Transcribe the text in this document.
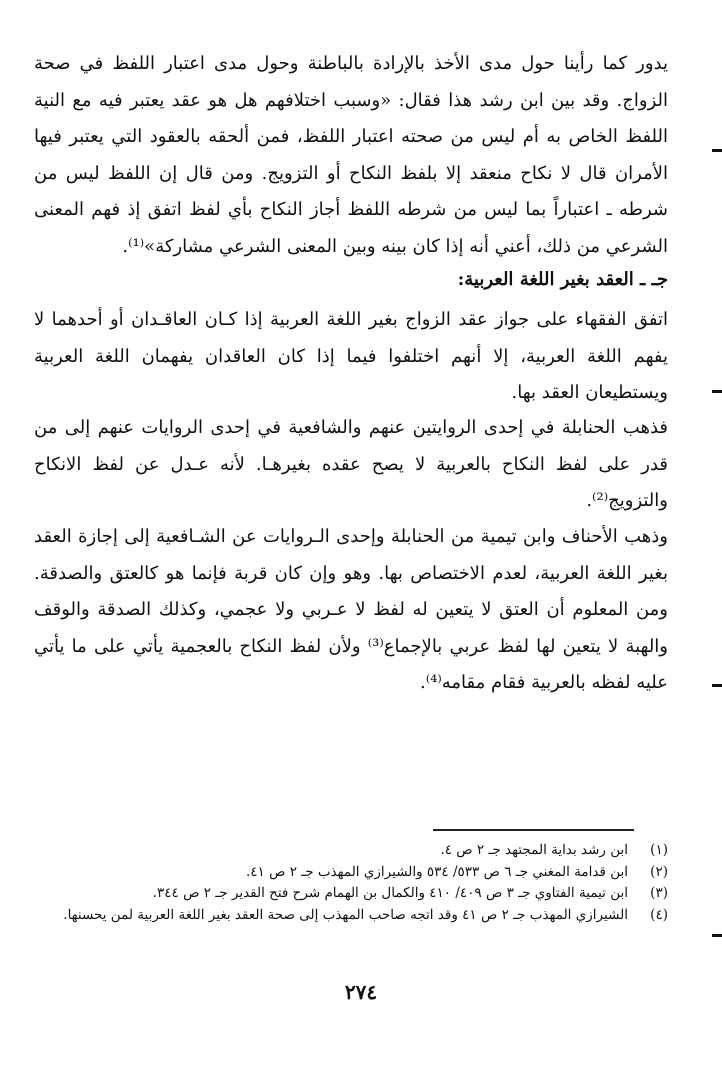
يدور كما رأينا حول مدى الأخذ بالإرادة بالباطنة وحول مدى اعتبار اللفظ في صحة الزواج. وقد بين ابن رشد هذا فقال: «وسبب اختلافهم هل هو عقد يعتبر فيه مع النية اللفظ الخاص به أم ليس من صحته اعتبار اللفظ، فمن ألحقه بالعقود التي يعتبر فيها الأمران قال لا نكاح منعقد إلا بلفظ النكاح أو التزويج. ومن قال إن اللفظ ليس من شرطه ـ اعتباراً بما ليس من شرطه اللفظ أجاز النكاح بأي لفظ اتفق إذ فهم المعنى الشرعي من ذلك، أعني أنه إذا كان بينه وبين المعنى الشرعي مشاركة»⁽¹⁾.

جـ ـ العقد بغير اللغة العربية:

اتفق الفقهاء على جواز عقد الزواج بغير اللغة العربية إذا كـان العاقـدان أو أحدهما لا يفهم اللغة العربية، إلا أنهم اختلفوا فيما إذا كان العاقدان يفهمان اللغة العربية ويستطيعان العقد بها.

فذهب الحنابلة في إحدى الروايتين عنهم والشافعية في إحدى الروايات عنهم إلى من قدر على لفظ النكاح بالعربية لا يصح عقده بغيرهـا. لأنه عـدل عن لفظ الانكاح والتزويج⁽²⁾.

وذهب الأحناف وابن تيمية من الحنابلة وإحدى الـروايات عن الشـافعية إلى إجازة العقد بغير اللغة العربية، لعدم الاختصاص بها. وهو وإن كان قربة فإنما هو كالعتق والصدقة. ومن المعلوم أن العتق لا يتعين له لفظ لا عـربي ولا عجمي، وكذلك الصدقة والوقف والهبة لا يتعين لها لفظ عربي بالإجماع⁽³⁾ ولأن لفظ النكاح بالعجمية يأتي على ما يأتي عليه لفظه بالعربية فقام مقامه⁽⁴⁾.

(١)
ابن رشد بداية المجتهد جـ ٢ ص ٤.
(٢)
ابن قدامة المغني جـ ٦ ص ٥٣٣/ ٥٣٤ والشيرازي المهذب جـ ٢ ص ٤١.
(٣)
ابن تيمية الفتاوي جـ ٣ ص ٤٠٩/ ٤١٠ والكمال بن الهمام شرح فتح القدير جـ ٢ ص ٣٤٤.
(٤)
الشيرازي المهذب جـ ٢ ص ٤١ وقد اتجه صاحب المهذب إلى صحة العقد بغير اللغة العربية لمن يحسنها.
٢٧٤
